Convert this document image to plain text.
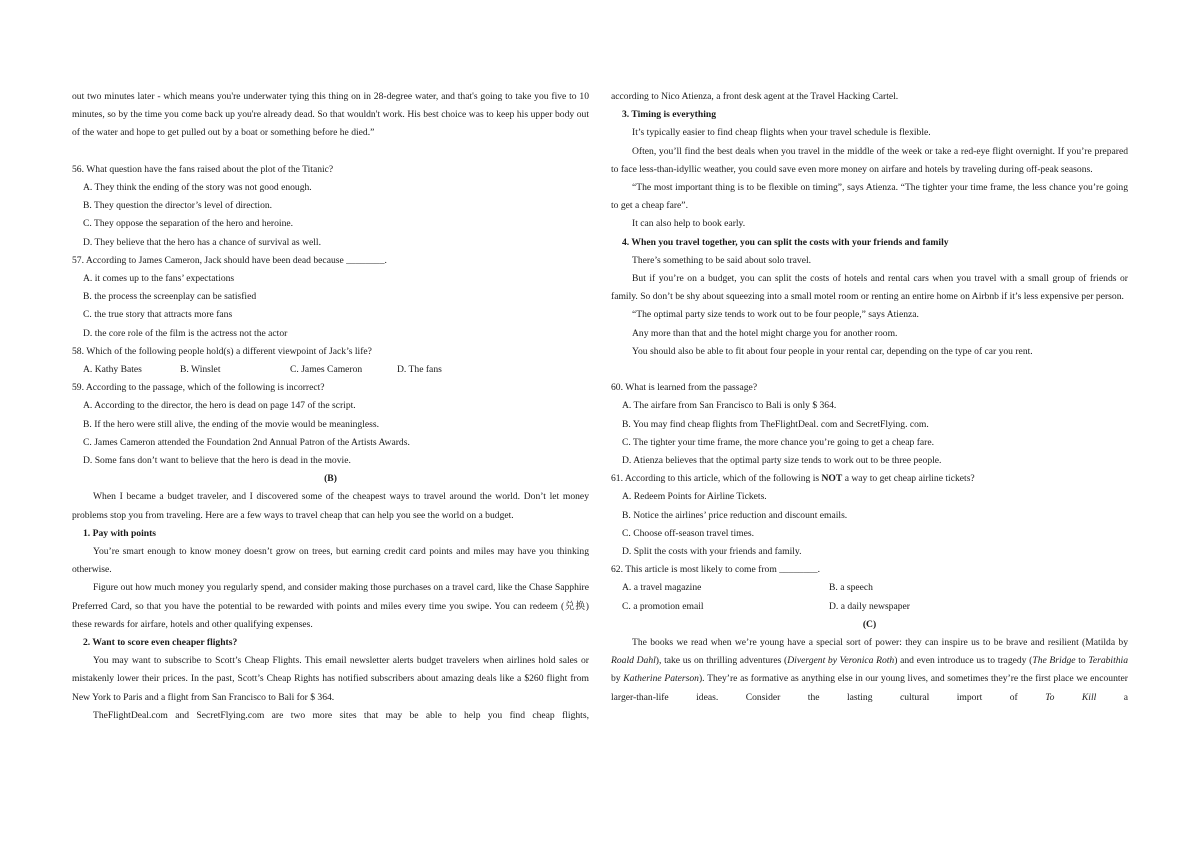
out two minutes later - which means you're underwater tying this thing on in 28-degree water, and that's going to take you five to 10 minutes, so by the time you come back up you're already dead. So that wouldn't work. His best choice was to keep his upper body out of the water and hope to get pulled out by a boat or something before he died.”

56. What question have the fans raised about the plot of the Titanic?

A. They think the ending of the story was not good enough.

B. They question the director’s level of direction.

C. They oppose the separation of the hero and heroine.

D. They believe that the hero has a chance of survival as well.

57. According to James Cameron, Jack should have been dead because ________.

A. it comes up to the fans’ expectations

B. the process the screenplay can be satisfied

C. the true story that attracts more fans

D. the core role of the film is the actress not the actor

58. Which of the following people hold(s) a different viewpoint of Jack’s life?

A. Kathy Bates	B. Winslet	C. James Cameron	D. The fans

59. According to the passage, which of the following is incorrect?

A. According to the director, the hero is dead on page 147 of the script.

B. If the hero were still alive, the ending of the movie would be meaningless.

C. James Cameron attended the Foundation 2nd Annual Patron of the Artists Awards.

D. Some fans don’t want to believe that the hero is dead in the movie.

(B)

When I became a budget traveler, and I discovered some of the cheapest ways to travel around the world. Don’t let money problems stop you from traveling. Here are a few ways to travel cheap that can help you see the world on a budget.

1. Pay with points

You’re smart enough to know money doesn’t grow on trees, but earning credit card points and miles may have you thinking otherwise.

Figure out how much money you regularly spend, and consider making those purchases on a travel card, like the Chase Sapphire Preferred Card, so that you have the potential to be rewarded with points and miles every time you swipe. You can redeem (兑换) these rewards for airfare, hotels and other qualifying expenses.

2. Want to score even cheaper flights?

You may want to subscribe to Scott’s Cheap Flights. This email newsletter alerts budget travelers when airlines hold sales or mistakenly lower their prices. In the past, Scott’s Cheap Rights has notified subscribers about amazing deals like a $260 flight from New York to Paris and a flight from San Francisco to Bali for $ 364.

TheFlightDeal.com and SecretFlying.com are two more sites that may be able to help you find cheap flights,

according to Nico Atienza, a front desk agent at the Travel Hacking Cartel.

3. Timing is everything

It’s typically easier to find cheap flights when your travel schedule is flexible.

Often, you’ll find the best deals when you travel in the middle of the week or take a red-eye flight overnight. If you’re prepared to face less-than-idyllic weather, you could save even more money on airfare and hotels by traveling during off-peak seasons.

“The most important thing is to be flexible on timing”, says Atienza. “The tighter your time frame, the less chance you’re going to get a cheap fare”.

It can also help to book early.

4. When you travel together, you can split the costs with your friends and family

There’s something to be said about solo travel.

But if you’re on a budget, you can split the costs of hotels and rental cars when you travel with a small group of friends or family. So don’t be shy about squeezing into a small motel room or renting an entire home on Airbnb if it’s less expensive per person.

“The optimal party size tends to work out to be four people,” says Atienza.

Any more than that and the hotel might charge you for another room.

You should also be able to fit about four people in your rental car, depending on the type of car you rent.

60. What is learned from the passage?

A. The airfare from San Francisco to Bali is only $ 364.

B. You may find cheap flights from TheFlightDeal. com and SecretFlying. com.

C. The tighter your time frame, the more chance you’re going to get a cheap fare.

D. Atienza believes that the optimal party size tends to work out to be three people.

61. According to this article, which of the following is NOT a way to get cheap airline tickets?

A. Redeem Points for Airline Tickets.

B. Notice the airlines’ price reduction and discount emails.

C. Choose off-season travel times.

D. Split the costs with your friends and family.

62. This article is most likely to come from ________.

A. a travel magazine	B. a speech
C. a promotion email	D. a daily newspaper

(C)

The books we read when we’re young have a special sort of power: they can inspire us to be brave and resilient (Matilda by Roald Dahl), take us on thrilling adventures (Divergent by Veronica Roth) and even introduce us to tragedy (The Bridge to Terabithia by Katherine Paterson). They’re as formative as anything else in our young lives, and sometimes they’re the first place we encounter larger-than-life ideas. Consider the lasting cultural import of To Kill a
